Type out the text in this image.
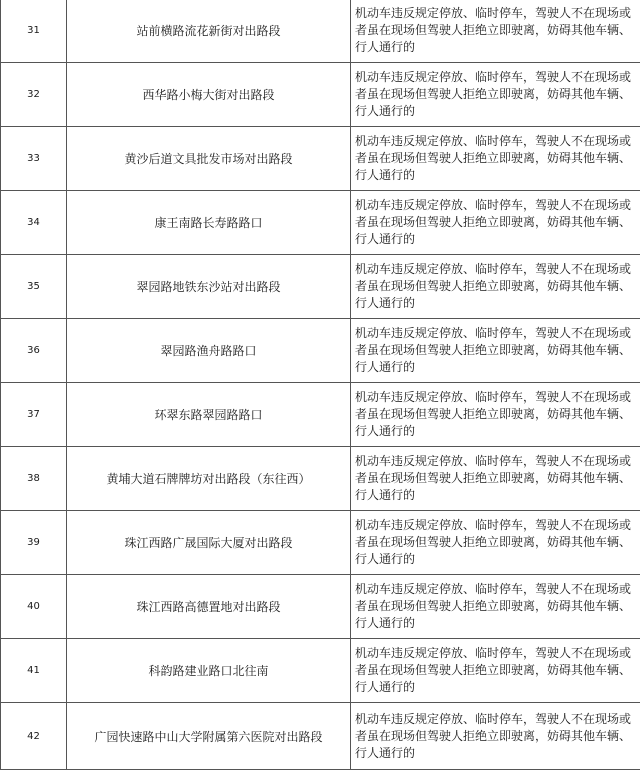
31	站前横路流花新街对出路段	机动车违反规定停放、临时停车，驾驶人不在现场或者虽在现场但驾驶人拒绝立即驶离，妨碍其他车辆、行人通行的
32	西华路小梅大街对出路段	机动车违反规定停放、临时停车，驾驶人不在现场或者虽在现场但驾驶人拒绝立即驶离，妨碍其他车辆、行人通行的
33	黄沙后道文具批发市场对出路段	机动车违反规定停放、临时停车，驾驶人不在现场或者虽在现场但驾驶人拒绝立即驶离，妨碍其他车辆、行人通行的
34	康王南路长寿路路口	机动车违反规定停放、临时停车，驾驶人不在现场或者虽在现场但驾驶人拒绝立即驶离，妨碍其他车辆、行人通行的
35	翠园路地铁东沙站对出路段	机动车违反规定停放、临时停车，驾驶人不在现场或者虽在现场但驾驶人拒绝立即驶离，妨碍其他车辆、行人通行的
36	翠园路渔舟路路口	机动车违反规定停放、临时停车，驾驶人不在现场或者虽在现场但驾驶人拒绝立即驶离，妨碍其他车辆、行人通行的
37	环翠东路翠园路路口	机动车违反规定停放、临时停车，驾驶人不在现场或者虽在现场但驾驶人拒绝立即驶离，妨碍其他车辆、行人通行的
38	黄埔大道石牌牌坊对出路段（东往西）	机动车违反规定停放、临时停车，驾驶人不在现场或者虽在现场但驾驶人拒绝立即驶离，妨碍其他车辆、行人通行的
39	珠江西路广晟国际大厦对出路段	机动车违反规定停放、临时停车，驾驶人不在现场或者虽在现场但驾驶人拒绝立即驶离，妨碍其他车辆、行人通行的
40	珠江西路高德置地对出路段	机动车违反规定停放、临时停车，驾驶人不在现场或者虽在现场但驾驶人拒绝立即驶离，妨碍其他车辆、行人通行的
41	科韵路建业路口北往南	机动车违反规定停放、临时停车，驾驶人不在现场或者虽在现场但驾驶人拒绝立即驶离，妨碍其他车辆、行人通行的
42	广园快速路中山大学附属第六医院对出路段	机动车违反规定停放、临时停车，驾驶人不在现场或者虽在现场但驾驶人拒绝立即驶离，妨碍其他车辆、行人通行的
